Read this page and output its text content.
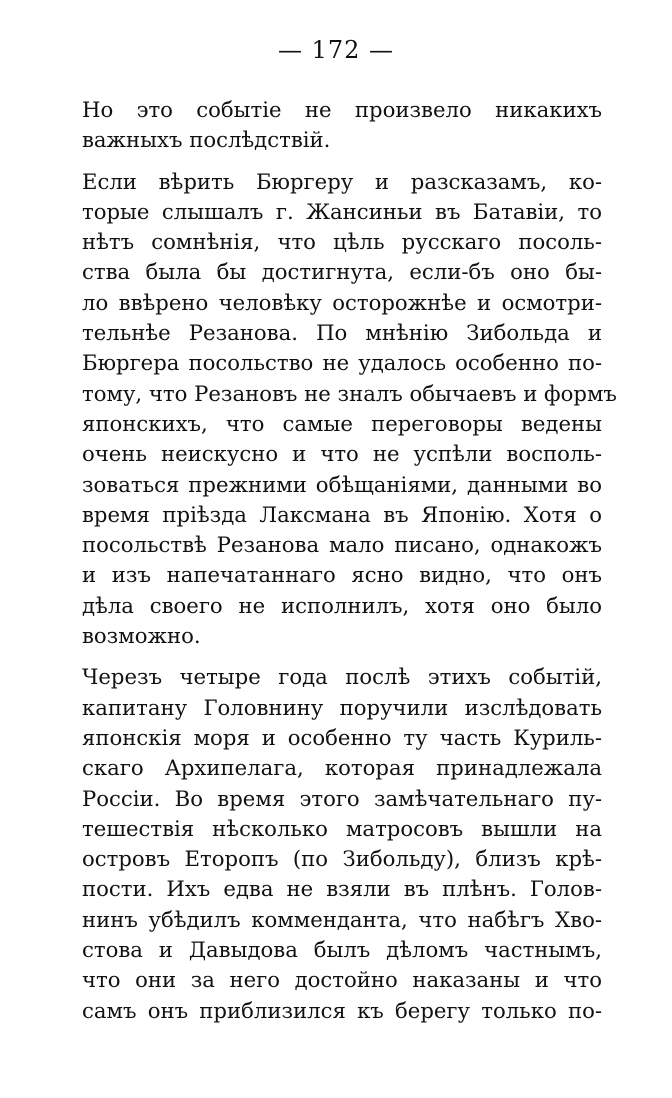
— 172 —
Но это событіе не произвело никакихъ
важныхъ послѣдствій.
Если вѣрить Бюргеру и разсказамъ, ко-
торые слышалъ г. Жансиньи въ Батавіи, то
нѣтъ сомнѣнія, что цѣль русскаго посоль-
ства была бы достигнута, если-бъ оно бы-
ло ввѣрено человѣку осторожнѣе и осмотри-
тельнѣе Резанова. По мнѣнію Зибольда и
Бюргера посольство не удалось особенно по-
тому, что Резановъ не зналъ обычаевъ и формъ
японскихъ, что самые переговоры ведены
очень неискусно и что не успѣли восполь-
зоваться прежними обѣщаніями, данными во
время пріѣзда Лаксмана въ Японію. Хотя о
посольствѣ Резанова мало писано, однакожъ
и изъ напечатаннаго ясно видно, что онъ
дѣла своего не исполнилъ, хотя оно было
возможно.
Черезъ четыре года послѣ этихъ событій,
капитану Головнину поручили изслѣдовать
японскія моря и особенно ту часть Куриль-
скаго Архипелага, которая принадлежала
Россіи. Во время этого замѣчательнаго пу-
тешествія нѣсколько матросовъ вышли на
островъ Еторопъ (по Зибольду), близъ крѣ-
пости. Ихъ едва не взяли въ плѣнъ. Голов-
нинъ убѣдилъ коммендантa, что набѣгъ Хво-
стова и Давыдова былъ дѣломъ частнымъ,
что они за него достойно наказаны и что
самъ онъ приблизился къ берегу только по-
